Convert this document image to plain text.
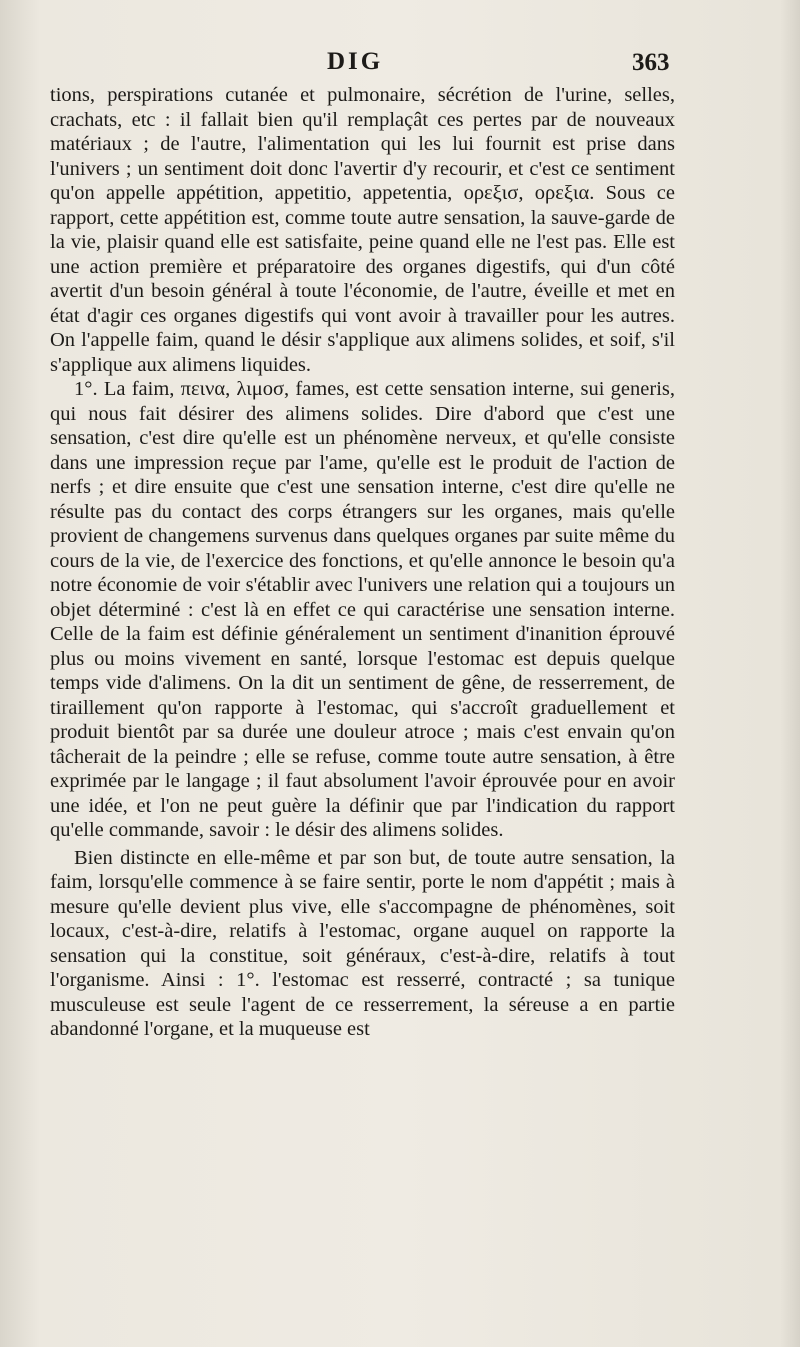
DIG	363

tions, perspirations cutanée et pulmonaire, sécrétion de l'urine, selles, crachats, etc : il fallait bien qu'il remplaçât ces pertes par de nouveaux matériaux ; de l'autre, l'alimentation qui les lui fournit est prise dans l'univers ; un sentiment doit donc l'avertir d'y recourir, et c'est ce sentiment qu'on appelle appétition, appetitio, appetentia, ορεξισ, ορεξια. Sous ce rapport, cette appétition est, comme toute autre sensation, la sauve-garde de la vie, plaisir quand elle est satisfaite, peine quand elle ne l'est pas. Elle est une action première et préparatoire des organes digestifs, qui d'un côté avertit d'un besoin général à toute l'économie, de l'autre, éveille et met en état d'agir ces organes digestifs qui vont avoir à travailler pour les autres. On l'appelle faim, quand le désir s'applique aux alimens solides, et soif, s'il s'applique aux alimens liquides.

1°. La faim, πεινα, λιμοσ, fames, est cette sensation interne, sui generis, qui nous fait désirer des alimens solides. Dire d'abord que c'est une sensation, c'est dire qu'elle est un phénomène nerveux, et qu'elle consiste dans une impression reçue par l'ame, qu'elle est le produit de l'action de nerfs ; et dire ensuite que c'est une sensation interne, c'est dire qu'elle ne résulte pas du contact des corps étrangers sur les organes, mais qu'elle provient de changemens survenus dans quelques organes par suite même du cours de la vie, de l'exercice des fonctions, et qu'elle annonce le besoin qu'a notre économie de voir s'établir avec l'univers une relation qui a toujours un objet déterminé : c'est là en effet ce qui caractérise une sensation interne. Celle de la faim est définie généralement un sentiment d'inanition éprouvé plus ou moins vivement en santé, lorsque l'estomac est depuis quelque temps vide d'alimens. On la dit un sentiment de gêne, de resserrement, de tiraillement qu'on rapporte à l'estomac, qui s'accroît graduellement et produit bientôt par sa durée une douleur atroce ; mais c'est envain qu'on tâcherait de la peindre ; elle se refuse, comme toute autre sensation, à être exprimée par le langage ; il faut absolument l'avoir éprouvée pour en avoir une idée, et l'on ne peut guère la définir que par l'indication du rapport qu'elle commande, savoir : le désir des alimens solides.

Bien distincte en elle-même et par son but, de toute autre sensation, la faim, lorsqu'elle commence à se faire sentir, porte le nom d'appétit ; mais à mesure qu'elle devient plus vive, elle s'accompagne de phénomènes, soit locaux, c'est-à-dire, relatifs à l'estomac, organe auquel on rapporte la sensation qui la constitue, soit généraux, c'est-à-dire, relatifs à tout l'organisme. Ainsi : 1°. l'estomac est resserré, contracté ; sa tunique musculeuse est seule l'agent de ce resserrement, la séreuse a en partie abandonné l'organe, et la muqueuse est
